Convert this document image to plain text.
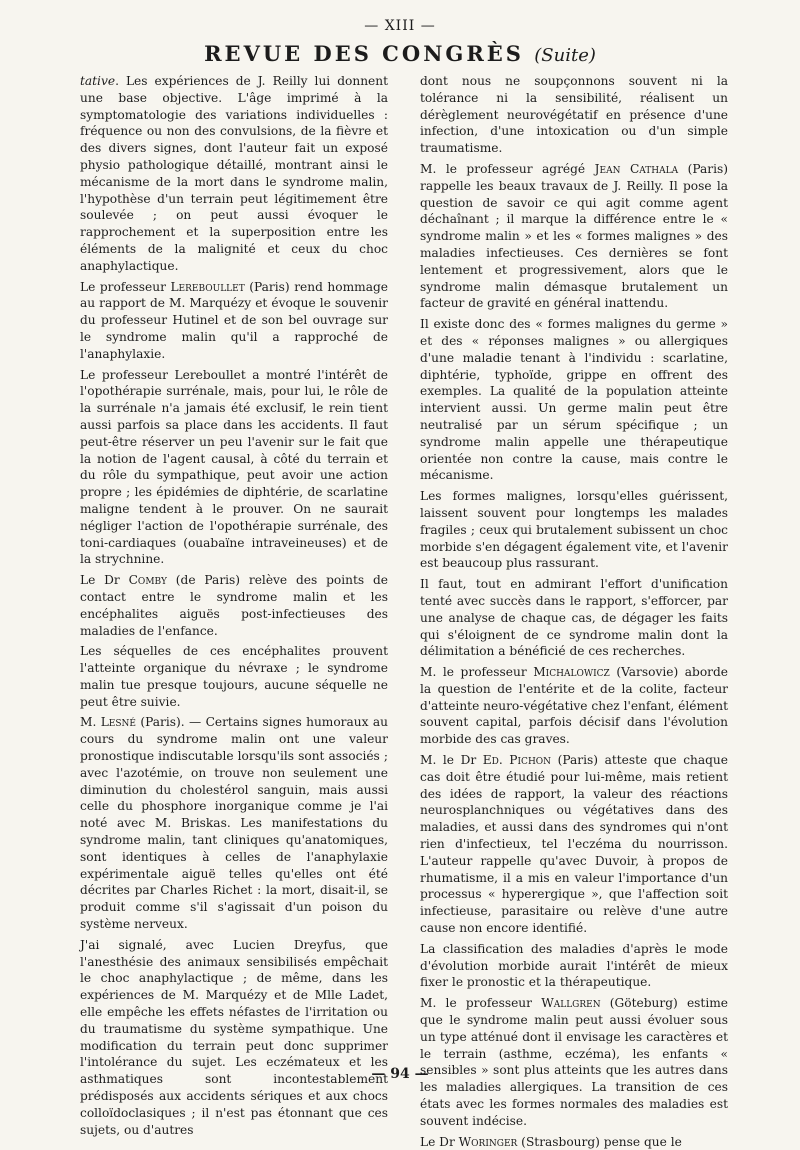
— XIII —
REVUE DES CONGRÈS (Suite)

tative. Les expériences de J. Reilly lui donnent une base objective. L'âge imprimé à la symptomatologie des variations individuelles : fréquence ou non des convulsions, de la fièvre et des divers signes, dont l'auteur fait un exposé physio pathologique détaillé, montrant ainsi le mécanisme de la mort dans le syndrome malin, l'hypothèse d'un terrain peut légitimement être soulevée ; on peut aussi évoquer le rapprochement et la superposition entre les éléments de la malignité et ceux du choc anaphylactique.

Le professeur Lereboullet (Paris) rend hommage au rapport de M. Marquézy et évoque le souvenir du professeur Hutinel et de son bel ouvrage sur le syndrome malin qu'il a rapproché de l'anaphylaxie.

Le professeur Lereboullet a montré l'intérêt de l'opothérapie surrénale, mais, pour lui, le rôle de la surrénale n'a jamais été exclusif, le rein tient aussi parfois sa place dans les accidents. Il faut peut-être réserver un peu l'avenir sur le fait que la notion de l'agent causal, à côté du terrain et du rôle du sympathique, peut avoir une action propre ; les épidémies de diphtérie, de scarlatine maligne tendent à le prouver. On ne saurait négliger l'action de l'opothérapie surrénale, des toni-cardiaques (ouabaïne intraveineuses) et de la strychnine.

Le Dr Comby (de Paris) relève des points de contact entre le syndrome malin et les encéphalites aiguës post-infectieuses des maladies de l'enfance.

Les séquelles de ces encéphalites prouvent l'atteinte organique du névraxe ; le syndrome malin tue presque toujours, aucune séquelle ne peut être suivie.

M. Lesné (Paris). — Certains signes humoraux au cours du syndrome malin ont une valeur pronostique indiscutable lorsqu'ils sont associés ; avec l'azotémie, on trouve non seulement une diminution du cholestérol sanguin, mais aussi celle du phosphore inorganique comme je l'ai noté avec M. Briskas. Les manifestations du syndrome malin, tant cliniques qu'anatomiques, sont identiques à celles de l'anaphylaxie expérimentale aiguë telles qu'elles ont été décrites par Charles Richet : la mort, disait-il, se produit comme s'il s'agissait d'un poison du système nerveux.

J'ai signalé, avec Lucien Dreyfus, que l'anesthésie des animaux sensibilisés empêchait le choc anaphylactique ; de même, dans les expériences de M. Marquézy et de Mlle Ladet, elle empêche les effets néfastes de l'irritation ou du traumatisme du système sympathique. Une modification du terrain peut donc supprimer l'intolérance du sujet. Les eczémateux et les asthmatiques sont incontestablement prédisposés aux accidents sériques et aux chocs colloïdoclasiques ; il n'est pas étonnant que ces sujets, ou d'autres

dont nous ne soupçonnons souvent ni la tolérance ni la sensibilité, réalisent un dérèglement neurovégétatif en présence d'une infection, d'une intoxication ou d'un simple traumatisme.

M. le professeur agrégé Jean Cathala (Paris) rappelle les beaux travaux de J. Reilly. Il pose la question de savoir ce qui agit comme agent déchaînant ; il marque la différence entre le « syndrome malin » et les « formes malignes » des maladies infectieuses. Ces dernières se font lentement et progressivement, alors que le syndrome malin démasque brutalement un facteur de gravité en général inattendu.

Il existe donc des « formes malignes du germe » et des « réponses malignes » ou allergiques d'une maladie tenant à l'individu : scarlatine, diphtérie, typhoïde, grippe en offrent des exemples. La qualité de la population atteinte intervient aussi. Un germe malin peut être neutralisé par un sérum spécifique ; un syndrome malin appelle une thérapeutique orientée non contre la cause, mais contre le mécanisme.

Les formes malignes, lorsqu'elles guérissent, laissent souvent pour longtemps les malades fragiles ; ceux qui brutalement subissent un choc morbide s'en dégagent également vite, et l'avenir est beaucoup plus rassurant.

Il faut, tout en admirant l'effort d'unification tenté avec succès dans le rapport, s'efforcer, par une analyse de chaque cas, de dégager les faits qui s'éloignent de ce syndrome malin dont la délimitation a bénéficié de ces recherches.

M. le professeur Michalowicz (Varsovie) aborde la question de l'entérite et de la colite, facteur d'atteinte neuro-végétative chez l'enfant, élément souvent capital, parfois décisif dans l'évolution morbide des cas graves.

M. le Dr Ed. Pichon (Paris) atteste que chaque cas doit être étudié pour lui-même, mais retient des idées de rapport, la valeur des réactions neurosplanchniques ou végétatives dans des maladies, et aussi dans des syndromes qui n'ont rien d'infectieux, tel l'eczéma du nourrisson. L'auteur rappelle qu'avec Duvoir, à propos de rhumatisme, il a mis en valeur l'importance d'un processus « hyperergique », que l'affection soit infectieuse, parasitaire ou relève d'une autre cause non encore identifié.

La classification des maladies d'après le mode d'évolution morbide aurait l'intérêt de mieux fixer le pronostic et la thérapeutique.

M. le professeur Wallgren (Göteburg) estime que le syndrome malin peut aussi évoluer sous un type atténué dont il envisage les caractères et le terrain (asthme, eczéma), les enfants « sensibles » sont plus atteints que les autres dans les maladies allergiques. La transition de ces états avec les formes normales des maladies est souvent indécise.

Le Dr Woringer (Strasbourg) pense que le

— 94 —
